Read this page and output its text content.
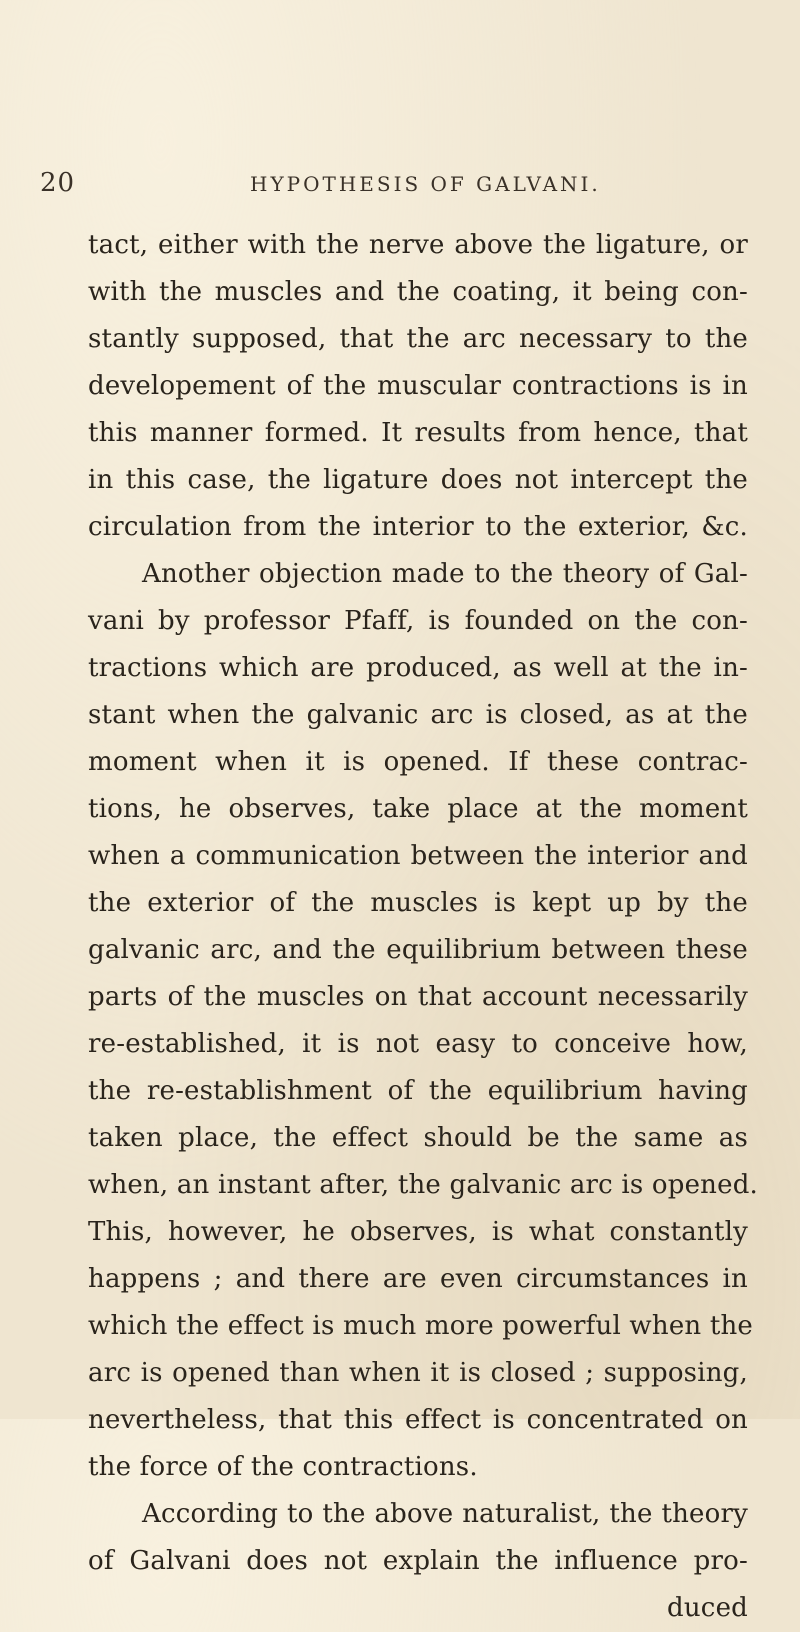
20	HYPOTHESIS OF GALVANI.
tact, either with the nerve above the ligature, or
with the muscles and the coating, it being con-
stantly supposed, that the arc necessary to the
developement of the muscular contractions is in
this manner formed. It results from hence, that
in this case, the ligature does not intercept the
circulation from the interior to the exterior, &c.
Another objection made to the theory of Gal-
vani by professor Pfaff, is founded on the con-
tractions which are produced, as well at the in-
stant when the galvanic arc is closed, as at the
moment when it is opened. If these contrac-
tions, he observes, take place at the moment
when a communication between the interior and
the exterior of the muscles is kept up by the
galvanic arc, and the equilibrium between these
parts of the muscles on that account necessarily
re-established, it is not easy to conceive how,
the re-establishment of the equilibrium having
taken place, the effect should be the same as
when, an instant after, the galvanic arc is opened.
This, however, he observes, is what constantly
happens ; and there are even circumstances in
which the effect is much more powerful when the
arc is opened than when it is closed ; supposing,
nevertheless, that this effect is concentrated on
the force of the contractions.
According to the above naturalist, the theory
of Galvani does not explain the influence pro-
duced
